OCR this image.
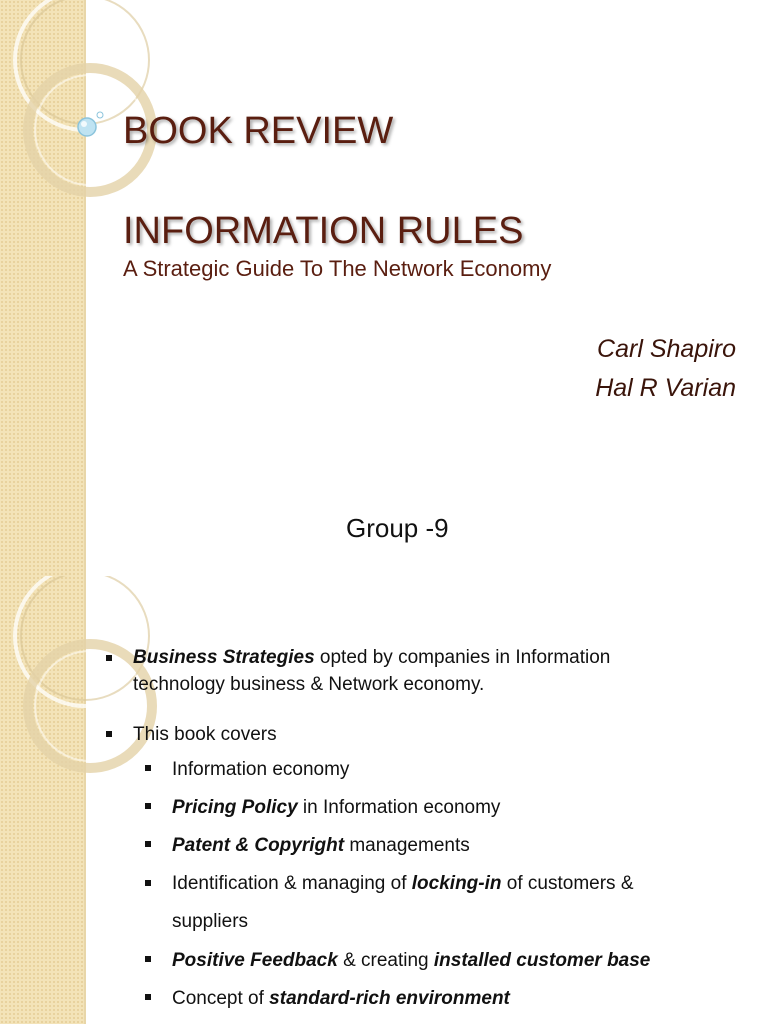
BOOK REVIEW
INFORMATION RULES

A Strategic Guide To The Network Economy

Carl Shapiro
Hal R Varian
Group -9
Business Strategies opted by companies in Information
technology business & Network economy.
This book covers
Information economy
Pricing Policy in Information economy
Patent & Copyright managements
Identification & managing of locking-in of customers &
suppliers
Positive Feedback & creating installed customer base
Concept of standard-rich environment
